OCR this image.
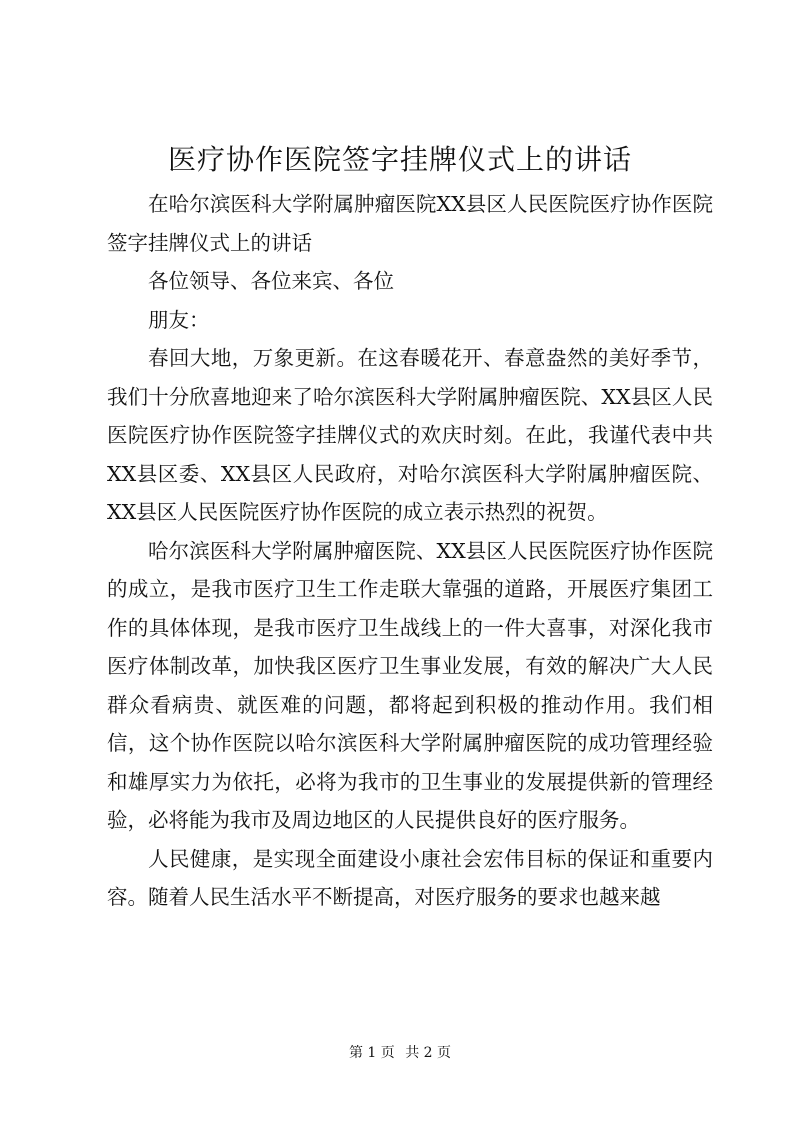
医疗协作医院签字挂牌仪式上的讲话

在哈尔滨医科大学附属肿瘤医院XX县区人民医院医疗协作医院签字挂牌仪式上的讲话

各位领导、各位来宾、各位

朋友：

春回大地，万象更新。在这春暖花开、春意盎然的美好季节，我们十分欣喜地迎来了哈尔滨医科大学附属肿瘤医院、XX县区人民医院医疗协作医院签字挂牌仪式的欢庆时刻。在此，我谨代表中共XX县区委、XX县区人民政府，对哈尔滨医科大学附属肿瘤医院、XX县区人民医院医疗协作医院的成立表示热烈的祝贺。

哈尔滨医科大学附属肿瘤医院、XX县区人民医院医疗协作医院的成立，是我市医疗卫生工作走联大靠强的道路，开展医疗集团工作的具体体现，是我市医疗卫生战线上的一件大喜事，对深化我市医疗体制改革，加快我区医疗卫生事业发展，有效的解决广大人民群众看病贵、就医难的问题，都将起到积极的推动作用。我们相信，这个协作医院以哈尔滨医科大学附属肿瘤医院的成功管理经验和雄厚实力为依托，必将为我市的卫生事业的发展提供新的管理经验，必将能为我市及周边地区的人民提供良好的医疗服务。

人民健康，是实现全面建设小康社会宏伟目标的保证和重要内容。随着人民生活水平不断提高，对医疗服务的要求也越来越

第 1 页 共 2 页
